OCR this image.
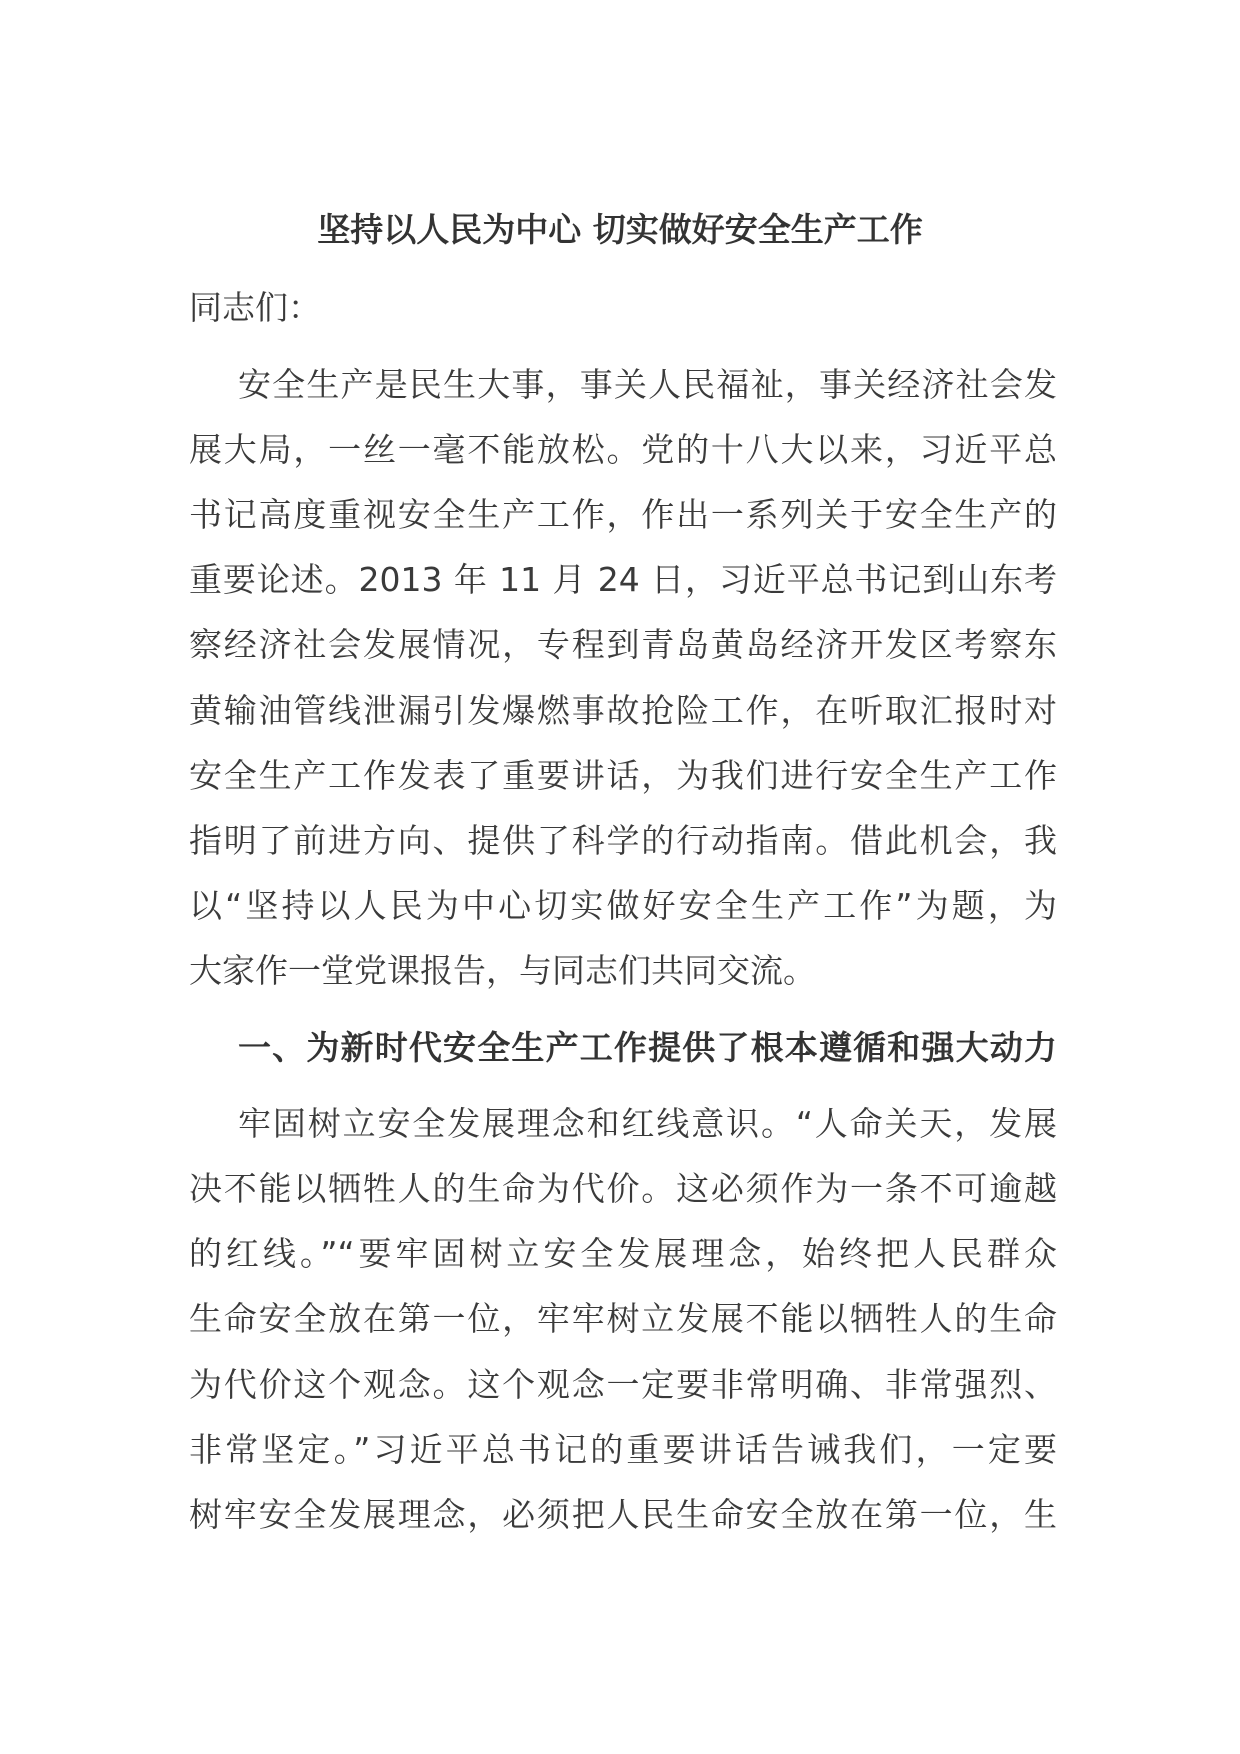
坚持以人民为中心 切实做好安全生产工作
同志们：
安全生产是民生大事，事关人民福祉，事关经济社会发
展大局，一丝一毫不能放松。党的十八大以来，习近平总
书记高度重视安全生产工作，作出一系列关于安全生产的
重要论述。2013 年 11 月 24 日，习近平总书记到山东考
察经济社会发展情况，专程到青岛黄岛经济开发区考察东
黄输油管线泄漏引发爆燃事故抢险工作，在听取汇报时对
安全生产工作发表了重要讲话，为我们进行安全生产工作
指明了前进方向、提供了科学的行动指南。借此机会，我
以“坚持以人民为中心切实做好安全生产工作”为题，为
大家作一堂党课报告，与同志们共同交流。
一、为新时代安全生产工作提供了根本遵循和强大动力
牢固树立安全发展理念和红线意识。“人命关天，发展
决不能以牺牲人的生命为代价。这必须作为一条不可逾越
的红线。”“要牢固树立安全发展理念，始终把人民群众
生命安全放在第一位，牢牢树立发展不能以牺牲人的生命
为代价这个观念。这个观念一定要非常明确、非常强烈、
非常坚定。”习近平总书记的重要讲话告诫我们，一定要
树牢安全发展理念，必须把人民生命安全放在第一位，生
